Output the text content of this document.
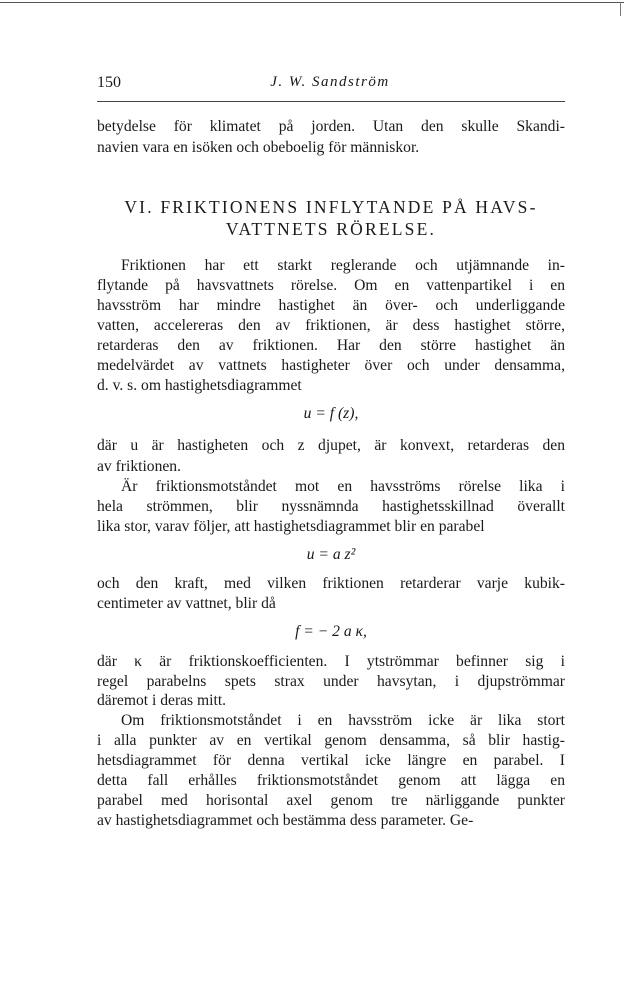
150	J. W. Sandström
VI. FRIKTIONENS INFLYTANDE PÅ HAVS-
VATTNETS RÖRELSE.
u = f (z),
u = a z²
f = − 2 a κ,
betydelse för klimatet på jorden. Utan den skulle Skandi-
navien vara en isöken och obeboelig för människor.
Friktionen har ett starkt reglerande och utjämnande in-
flytande på havsvattnets rörelse. Om en vattenpartikel i en
havsström har mindre hastighet än över- och underliggande
vatten, accelereras den av friktionen, är dess hastighet större,
retarderas den av friktionen. Har den större hastighet än
medelvärdet av vattnets hastigheter över och under densamma,
d. v. s. om hastighetsdiagrammet
där u är hastigheten och z djupet, är konvext, retarderas den
av friktionen.
Är friktionsmotståndet mot en havsströms rörelse lika i
hela strömmen, blir nyssnämnda hastighetsskillnad överallt
lika stor, varav följer, att hastighetsdiagrammet blir en parabel
och den kraft, med vilken friktionen retarderar varje kubik-
centimeter av vattnet, blir då
där κ är friktionskoefficienten. I ytströmmar befinner sig i
regel parabelns spets strax under havsytan, i djupströmmar
däremot i deras mitt.
Om friktionsmotståndet i en havsström icke är lika stort
i alla punkter av en vertikal genom densamma, så blir hastig-
hetsdiagrammet för denna vertikal icke längre en parabel. I
detta fall erhålles friktionsmotståndet genom att lägga en
parabel med horisontal axel genom tre närliggande punkter
av hastighetsdiagrammet och bestämma dess parameter. Ge-
